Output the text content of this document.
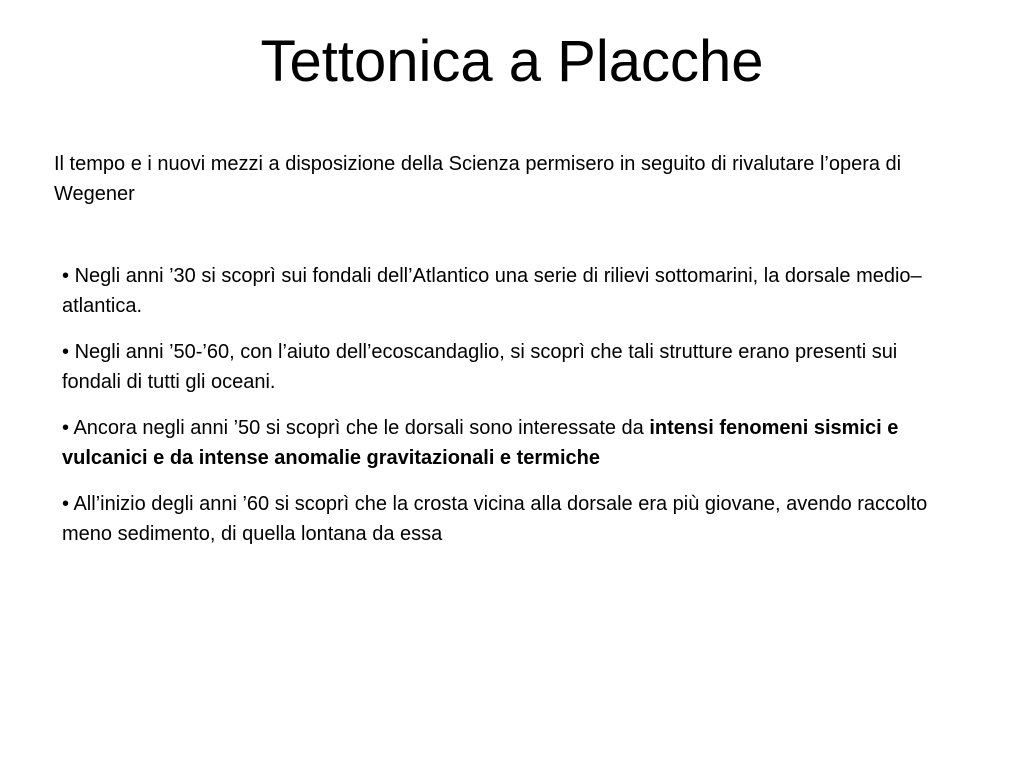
Tettonica a Placche

Il tempo e i nuovi mezzi a disposizione della Scienza permisero in seguito di rivalutare l’opera di Wegener

• Negli anni ’30 si scoprì sui fondali dell’Atlantico una serie di rilievi sottomarini, la dorsale medio–atlantica.
• Negli anni ’50-’60, con l’aiuto dell’ecoscandaglio, si scoprì che tali strutture erano presenti sui fondali di tutti gli oceani.
• Ancora negli anni ’50 si scoprì che le dorsali sono interessate da intensi fenomeni sismici e vulcanici e da intense anomalie gravitazionali e termiche
• All’inizio degli anni ’60 si scoprì che la crosta vicina alla dorsale era più giovane, avendo raccolto meno sedimento, di quella lontana da essa
